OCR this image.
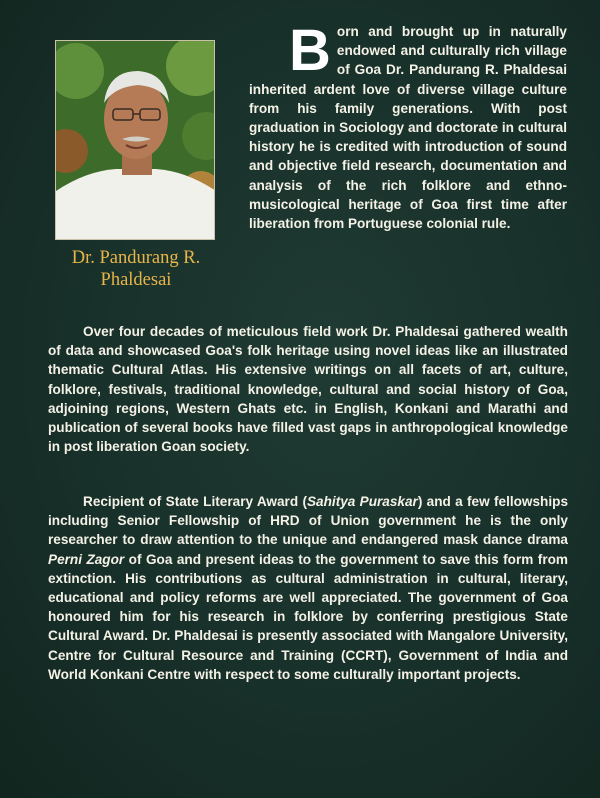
Dr. Pandurang R.
Phaldesai
Born and brought up in naturally endowed and culturally rich village of Goa Dr. Pandurang R. Phaldesai inherited ardent love of diverse village culture from his family generations. With post graduation in Sociology and doctorate in cultural history he is credited with introduction of sound and objective field research, documentation and analysis of the rich folklore and ethno-musicological heritage of Goa first time after liberation from Portuguese colonial rule.
Over four decades of meticulous field work Dr. Phaldesai gathered wealth of data and showcased Goa's folk heritage using novel ideas like an illustrated thematic Cultural Atlas. His extensive writings on all facets of art, culture, folklore, festivals, traditional knowledge, cultural and social history of Goa, adjoining regions, Western Ghats etc. in English, Konkani and Marathi and publication of several books have filled vast gaps in anthropological knowledge in post liberation Goan society.
Recipient of State Literary Award (Sahitya Puraskar) and a few fellowships including Senior Fellowship of HRD of Union government he is the only researcher to draw attention to the unique and endangered mask dance drama Perni Zagor of Goa and present ideas to the government to save this form from extinction. His contributions as cultural administration in cultural, literary, educational and policy reforms are well appreciated. The government of Goa honoured him for his research in folklore by conferring prestigious State Cultural Award. Dr. Phaldesai is presently associated with Mangalore University, Centre for Cultural Resource and Training (CCRT), Government of India and World Konkani Centre with respect to some culturally important projects.
